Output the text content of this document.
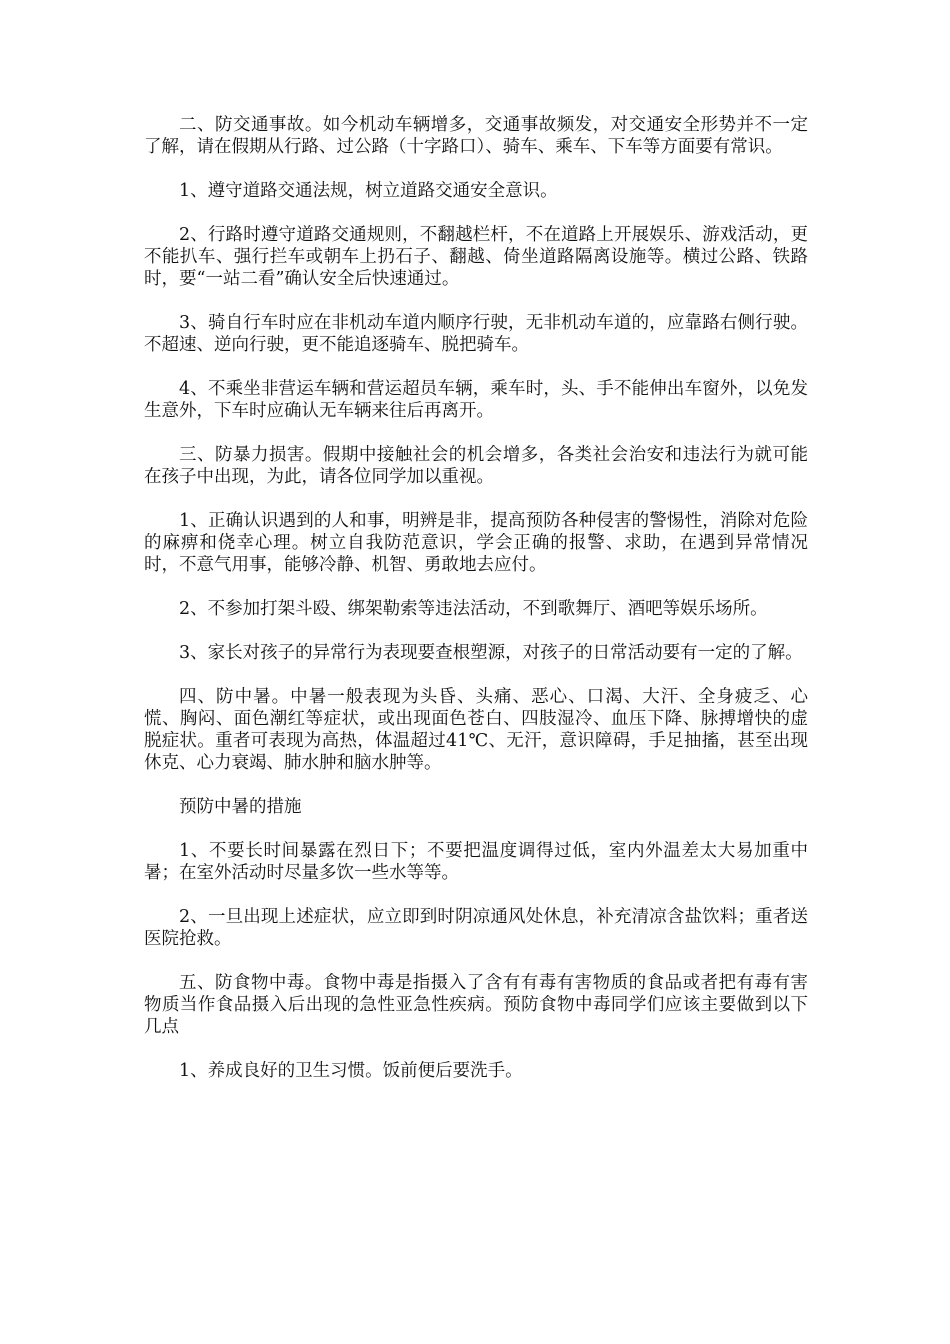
二、防交通事故。如今机动车辆增多，交通事故频发，对交通安全形势并不一定了解，请在假期从行路、过公路（十字路口）、骑车、乘车、下车等方面要有常识。

1、遵守道路交通法规，树立道路交通安全意识。

2、行路时遵守道路交通规则，不翻越栏杆，不在道路上开展娱乐、游戏活动，更不能扒车、强行拦车或朝车上扔石子、翻越、倚坐道路隔离设施等。横过公路、铁路时，要“一站二看”确认安全后快速通过。

3、骑自行车时应在非机动车道内顺序行驶，无非机动车道的，应靠路右侧行驶。不超速、逆向行驶，更不能追逐骑车、脱把骑车。

4、不乘坐非营运车辆和营运超员车辆，乘车时，头、手不能伸出车窗外，以免发生意外，下车时应确认无车辆来往后再离开。

三、防暴力损害。假期中接触社会的机会增多，各类社会治安和违法行为就可能在孩子中出现，为此，请各位同学加以重视。

1、正确认识遇到的人和事，明辨是非，提高预防各种侵害的警惕性，消除对危险的麻痹和侥幸心理。树立自我防范意识，学会正确的报警、求助，在遇到异常情况时，不意气用事，能够冷静、机智、勇敢地去应付。

2、不参加打架斗殴、绑架勒索等违法活动，不到歌舞厅、酒吧等娱乐场所。

3、家长对孩子的异常行为表现要查根塑源，对孩子的日常活动要有一定的了解。

四、防中暑。中暑一般表现为头昏、头痛、恶心、口渴、大汗、全身疲乏、心慌、胸闷、面色潮红等症状，或出现面色苍白、四肢湿冷、血压下降、脉搏增快的虚脱症状。重者可表现为高热，体温超过41℃、无汗，意识障碍，手足抽搐，甚至出现休克、心力衰竭、肺水肿和脑水肿等。

预防中暑的措施

1、不要长时间暴露在烈日下；不要把温度调得过低，室内外温差太大易加重中暑；在室外活动时尽量多饮一些水等等。

2、一旦出现上述症状，应立即到时阴凉通风处休息，补充清凉含盐饮料；重者送医院抢救。

五、防食物中毒。食物中毒是指摄入了含有有毒有害物质的食品或者把有毒有害物质当作食品摄入后出现的急性亚急性疾病。预防食物中毒同学们应该主要做到以下几点

1、养成良好的卫生习惯。饭前便后要洗手。
